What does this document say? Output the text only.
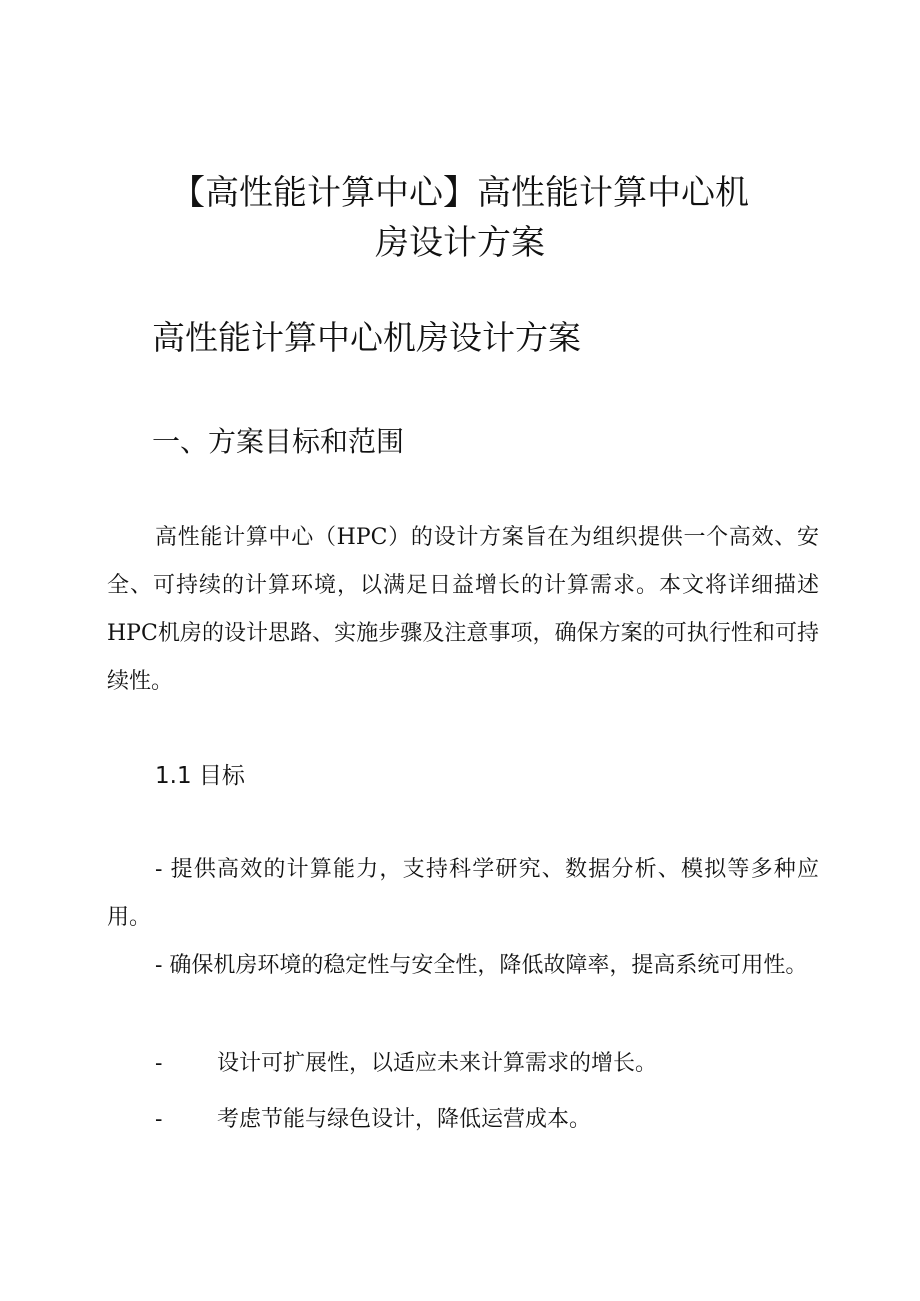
【高性能计算中心】高性能计算中心机
房设计方案
高性能计算中心机房设计方案
一、方案目标和范围

高性能计算中心（HPC）的设计方案旨在为组织提供一个高效、安全、可持续的计算环境，以满足日益增长的计算需求。本文将详细描述HPC机房的设计思路、实施步骤及注意事项，确保方案的可执行性和可持续性。

1.1 目标

- 提供高效的计算能力，支持科学研究、数据分析、模拟等多种应用。

- 确保机房环境的稳定性与安全性，降低故障率，提高系统可用性。

- 设计可扩展性，以适应未来计算需求的增长。
- 考虑节能与绿色设计，降低运营成本。
